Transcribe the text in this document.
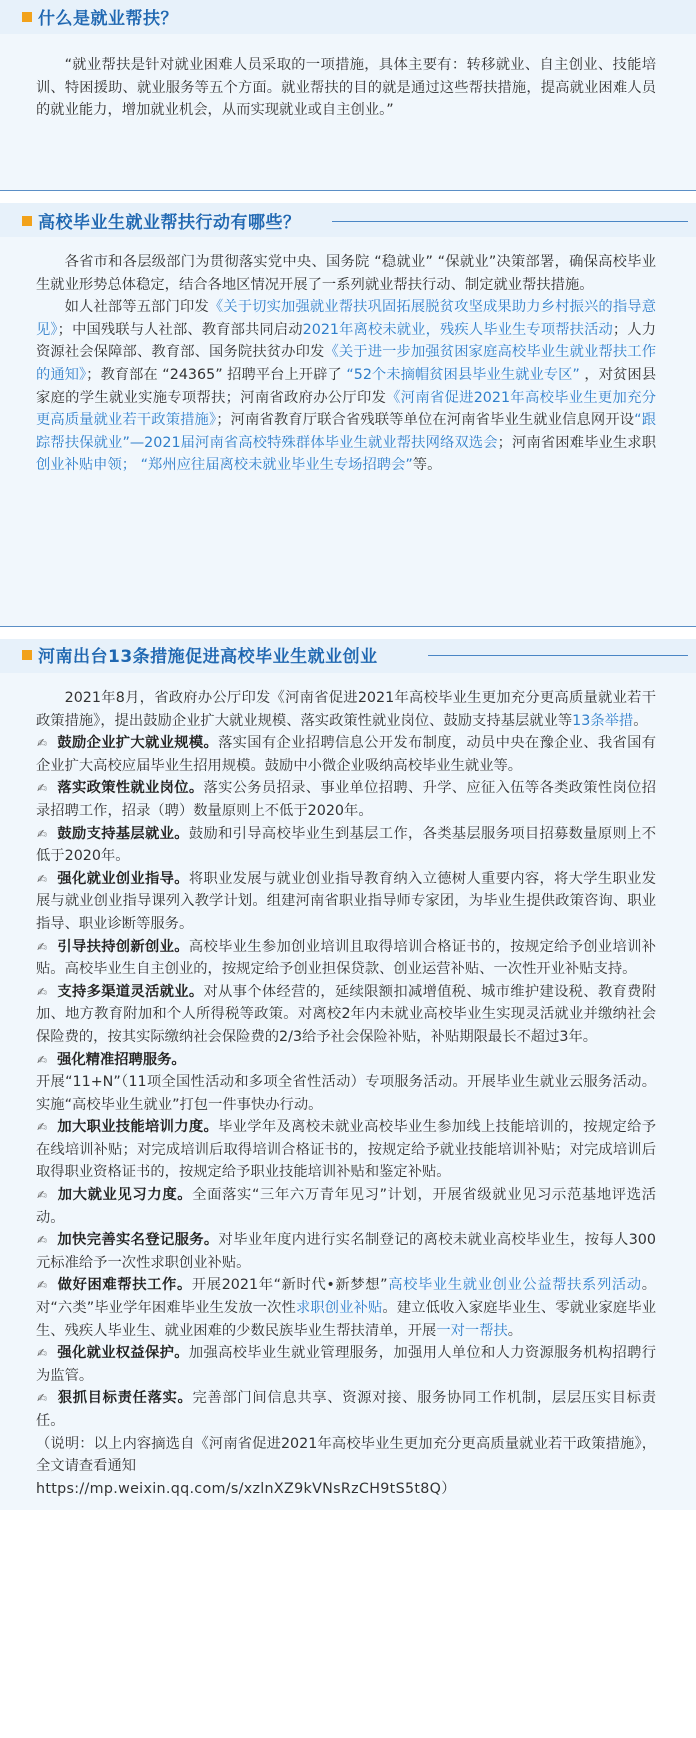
什么是就业帮扶？

“就业帮扶是针对就业困难人员采取的一项措施，具体主要有：转移就业、自主创业、技能培训、特困援助、就业服务等五个方面。就业帮扶的目的就是通过这些帮扶措施，提高就业困难人员的就业能力，增加就业机会，从而实现就业或自主创业。”

高校毕业生就业帮扶行动有哪些？

各省市和各层级部门为贯彻落实党中央、国务院 “稳就业” “保就业”决策部署，确保高校毕业生就业形势总体稳定，结合各地区情况开展了一系列就业帮扶行动、制定就业帮扶措施。

如人社部等五部门印发《关于切实加强就业帮扶巩固拓展脱贫攻坚成果助力乡村振兴的指导意见》；中国残联与人社部、教育部共同启动2021年离校未就业，残疾人毕业生专项帮扶活动；人力资源社会保障部、教育部、国务院扶贫办印发《关于进一步加强贫困家庭高校毕业生就业帮扶工作的通知》；教育部在 “24365” 招聘平台上开辟了 “52个未摘帽贫困县毕业生就业专区” ，对贫困县家庭的学生就业实施专项帮扶；河南省政府办公厅印发《河南省促进2021年高校毕业生更加充分更高质量就业若干政策措施》；河南省教育厅联合省残联等单位在河南省毕业生就业信息网开设“跟踪帮扶保就业”—2021届河南省高校特殊群体毕业生就业帮扶网络双选会；河南省困难毕业生求职创业补贴申领； “郑州应往届离校未就业毕业生专场招聘会”等。

河南出台13条措施促进高校毕业生就业创业

2021年8月，省政府办公厅印发《河南省促进2021年高校毕业生更加充分更高质量就业若干政策措施》，提出鼓励企业扩大就业规模、落实政策性就业岗位、鼓励支持基层就业等13条举措。

✍ 鼓励企业扩大就业规模。落实国有企业招聘信息公开发布制度，动员中央在豫企业、我省国有企业扩大高校应届毕业生招用规模。鼓励中小微企业吸纳高校毕业生就业等。

✍ 落实政策性就业岗位。落实公务员招录、事业单位招聘、升学、应征入伍等各类政策性岗位招录招聘工作，招录（聘）数量原则上不低于2020年。

✍ 鼓励支持基层就业。鼓励和引导高校毕业生到基层工作，各类基层服务项目招募数量原则上不低于2020年。

✍ 强化就业创业指导。将职业发展与就业创业指导教育纳入立德树人重要内容，将大学生职业发展与就业创业指导课列入教学计划。组建河南省职业指导师专家团，为毕业生提供政策咨询、职业指导、职业诊断等服务。

✍ 引导扶持创新创业。高校毕业生参加创业培训且取得培训合格证书的，按规定给予创业培训补贴。高校毕业生自主创业的，按规定给予创业担保贷款、创业运营补贴、一次性开业补贴支持。

✍ 支持多渠道灵活就业。对从事个体经营的，延续限额扣减增值税、城市维护建设税、教育费附加、地方教育附加和个人所得税等政策。对离校2年内未就业高校毕业生实现灵活就业并缴纳社会保险费的，按其实际缴纳社会保险费的2/3给予社会保险补贴，补贴期限最长不超过3年。

✍ 强化精准招聘服务。

开展“11+N”（11项全国性活动和多项全省性活动）专项服务活动。开展毕业生就业云服务活动。实施“高校毕业生就业”打包一件事快办行动。

✍ 加大职业技能培训力度。毕业学年及离校未就业高校毕业生参加线上技能培训的，按规定给予在线培训补贴；对完成培训后取得培训合格证书的，按规定给予就业技能培训补贴；对完成培训后取得职业资格证书的，按规定给予职业技能培训补贴和鉴定补贴。

✍ 加大就业见习力度。全面落实“三年六万青年见习”计划，开展省级就业见习示范基地评选活动。

✍ 加快完善实名登记服务。对毕业年度内进行实名制登记的离校未就业高校毕业生，按每人300元标准给予一次性求职创业补贴。

✍ 做好困难帮扶工作。开展2021年“新时代•新梦想”高校毕业生就业创业公益帮扶系列活动。对“六类”毕业学年困难毕业生发放一次性求职创业补贴。建立低收入家庭毕业生、零就业家庭毕业生、残疾人毕业生、就业困难的少数民族毕业生帮扶清单，开展一对一帮扶。

✍ 强化就业权益保护。加强高校毕业生就业管理服务，加强用人单位和人力资源服务机构招聘行为监管。

✍ 狠抓目标责任落实。完善部门间信息共享、资源对接、服务协同工作机制，层层压实目标责任。

（说明：以上内容摘选自《河南省促进2021年高校毕业生更加充分更高质量就业若干政策措施》，全文请查看通知

https://mp.weixin.qq.com/s/xzlnXZ9kVNsRzCH9tS5t8Q）
